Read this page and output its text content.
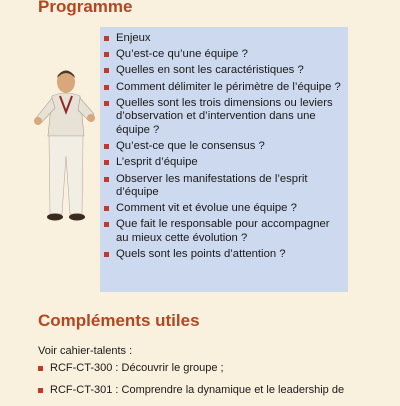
Programme
Enjeux
Qu’est-ce qu’une équipe ?
Quelles en sont les caractéristiques ?
Comment délimiter le périmètre de l’équipe ?
Quelles sont les trois dimensions ou leviers d’observation et d’intervention dans une équipe ?
Qu’est-ce que le consensus ?
L’esprit d’équipe
Observer les manifestations de l’esprit d’équipe
Comment vit et évolue une équipe ?
Que fait le responsable pour accompagner au mieux cette évolution ?
Quels sont les points d’attention ?
Compléments utiles

Voir cahier-talents :

RCF-CT-300 : Découvrir le groupe ;
RCF-CT-301 : Comprendre la dynamique et le leadership de
